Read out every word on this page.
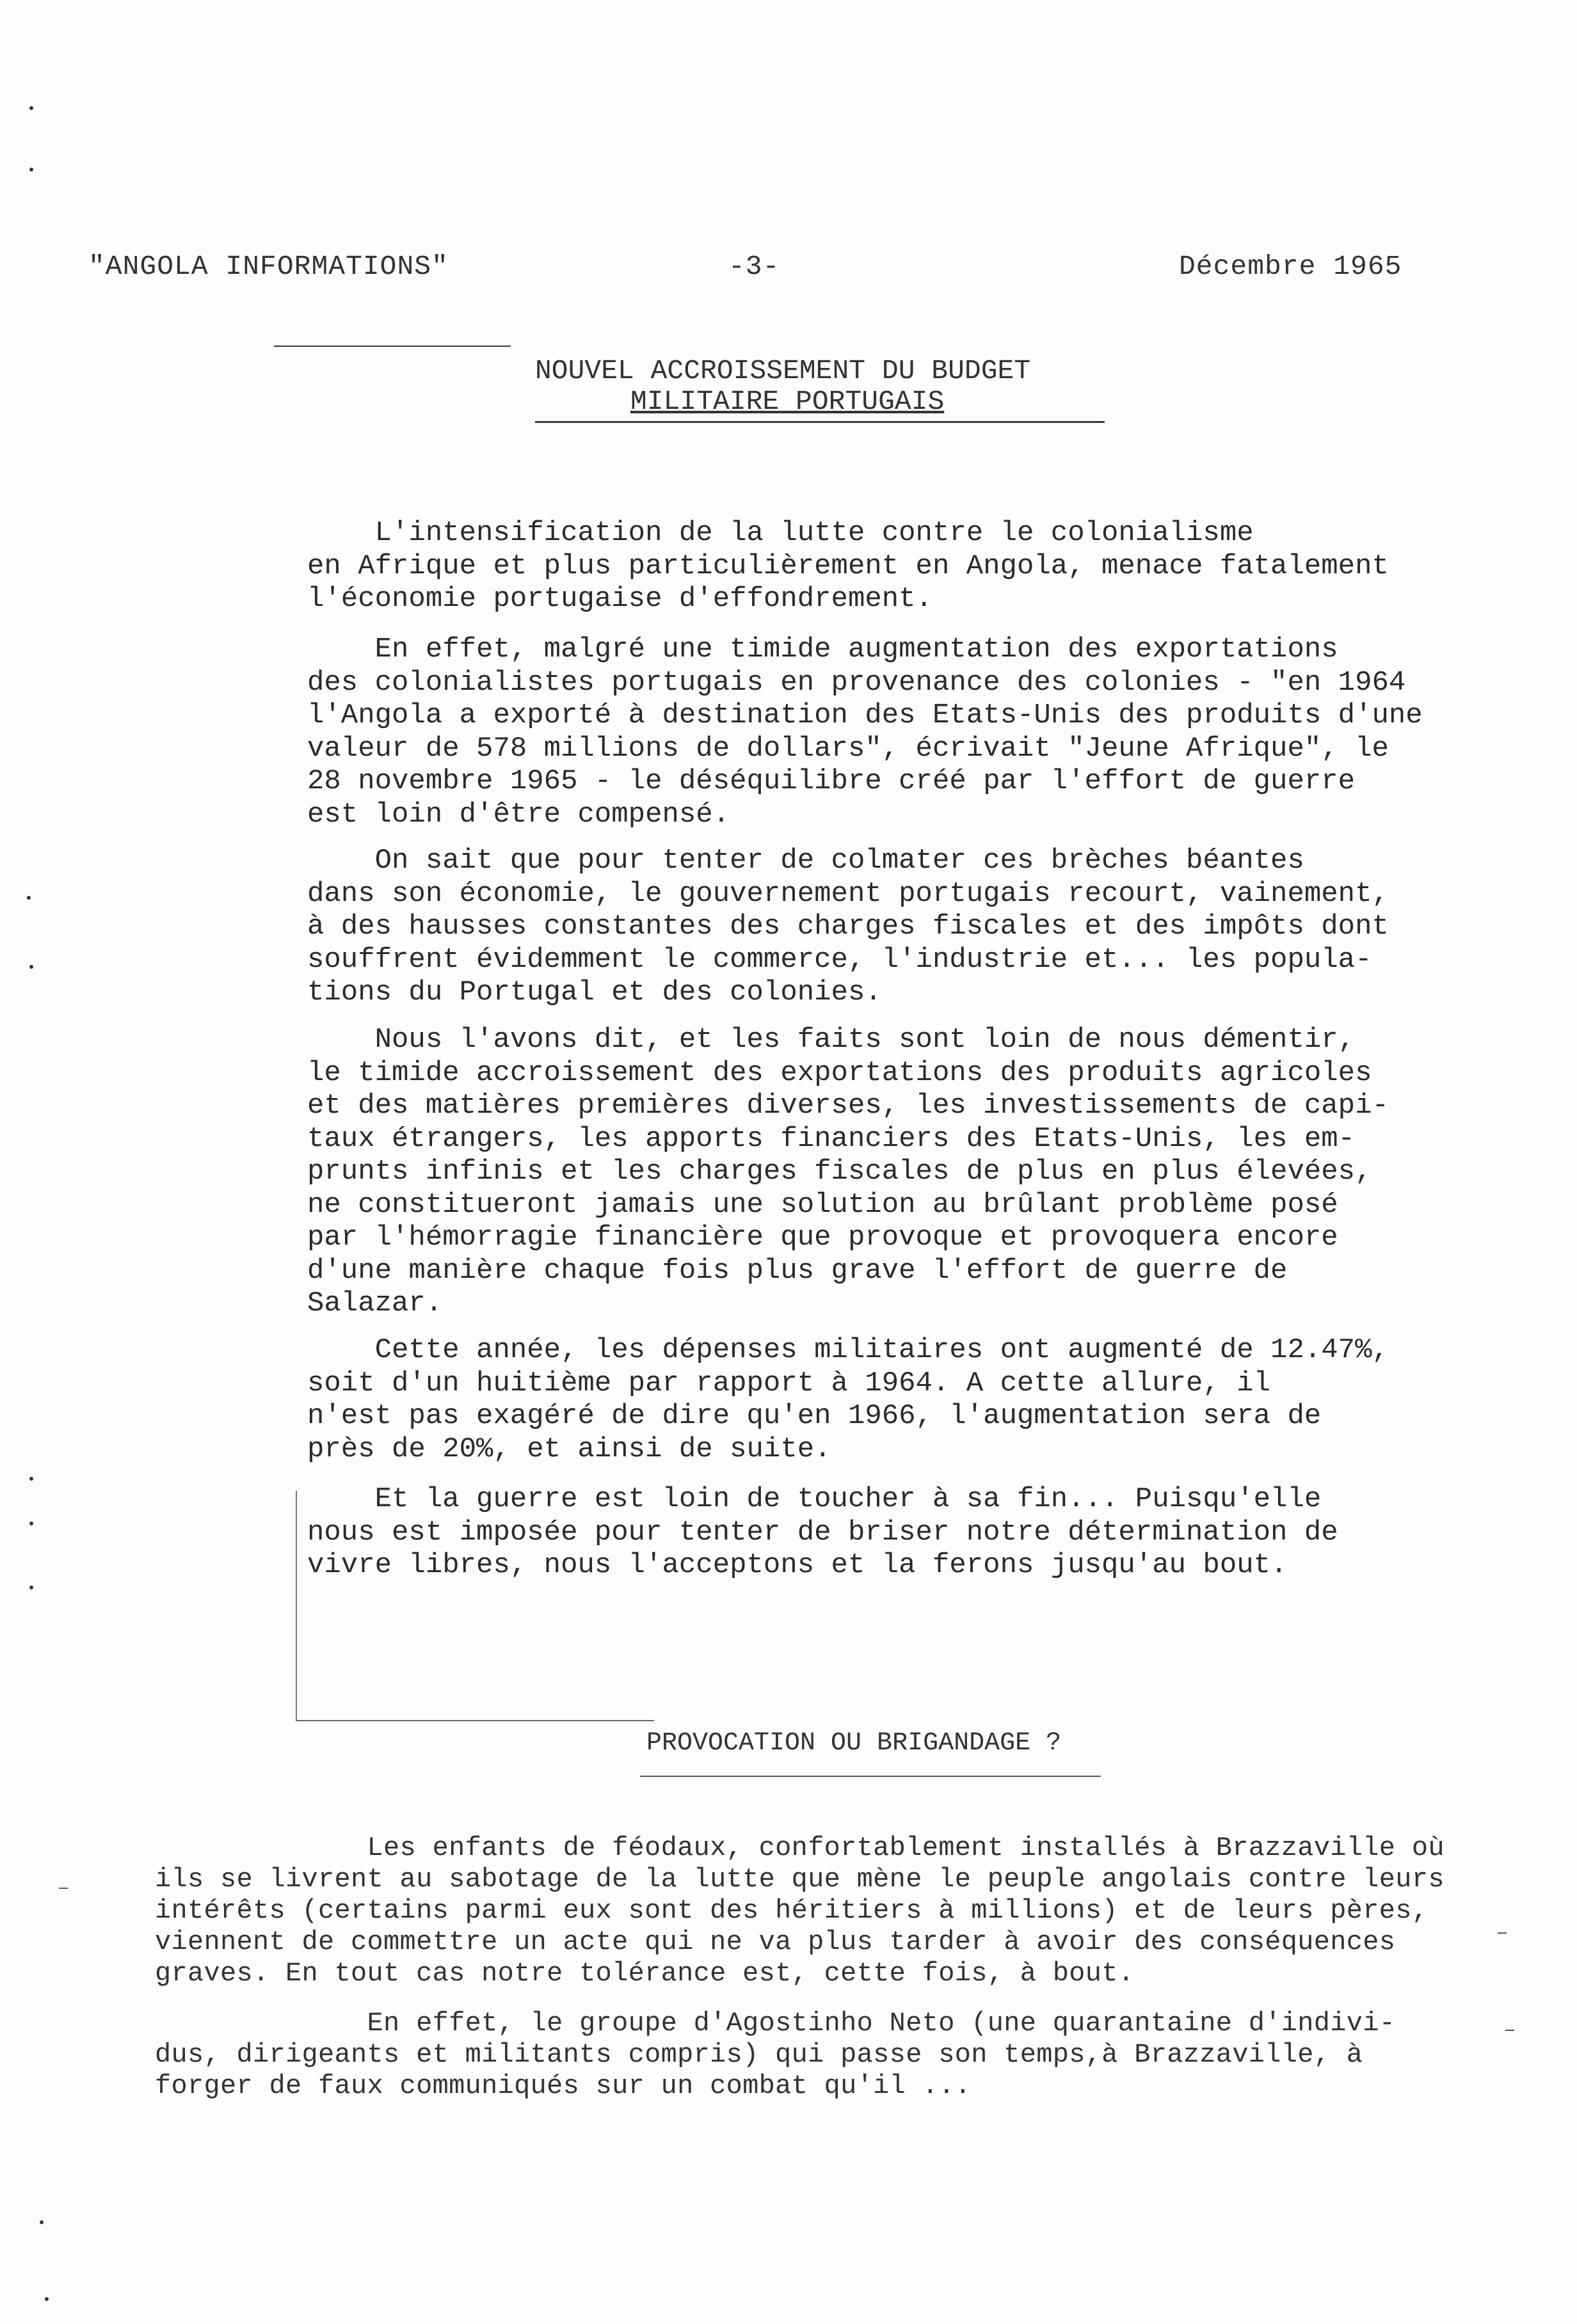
"ANGOLA INFORMATIONS"	-3-	Décembre 1965
NOUVEL ACCROISSEMENT DU BUDGET
MILITAIRE PORTUGAIS
L'intensification de la lutte contre le colonialisme
en Afrique et plus particulièrement en Angola, menace fatalement
l'économie portugaise d'effondrement.
En effet, malgré une timide augmentation des exportations
des colonialistes portugais en provenance des colonies - "en 1964
l'Angola a exporté à destination des Etats-Unis des produits d'une
valeur de 578 millions de dollars", écrivait "Jeune Afrique", le
28 novembre 1965 - le déséquilibre créé par l'effort de guerre
est loin d'être compensé.
On sait que pour tenter de colmater ces brèches béantes
dans son économie, le gouvernement portugais recourt, vainement,
à des hausses constantes des charges fiscales et des impôts dont
souffrent évidemment le commerce, l'industrie et... les popula-
tions du Portugal et des colonies.
Nous l'avons dit, et les faits sont loin de nous démentir,
le timide accroissement des exportations des produits agricoles
et des matières premières diverses, les investissements de capi-
taux étrangers, les apports financiers des Etats-Unis, les em-
prunts infinis et les charges fiscales de plus en plus élevées,
ne constitueront jamais une solution au brûlant problème posé
par l'hémorragie financière que provoque et provoquera encore
d'une manière chaque fois plus grave l'effort de guerre de
Salazar.
Cette année, les dépenses militaires ont augmenté de 12.47%,
soit d'un huitième par rapport à 1964. A cette allure, il
n'est pas exagéré de dire qu'en 1966, l'augmentation sera de
près de 20%, et ainsi de suite.
Et la guerre est loin de toucher à sa fin... Puisqu'elle
nous est imposée pour tenter de briser notre détermination de
vivre libres, nous l'acceptons et la ferons jusqu'au bout.
PROVOCATION OU BRIGANDAGE ?
Les enfants de féodaux, confortablement installés à Brazzaville où
ils se livrent au sabotage de la lutte que mène le peuple angolais contre leurs
intérêts (certains parmi eux sont des héritiers à millions) et de leurs pères,
viennent de commettre un acte qui ne va plus tarder à avoir des conséquences
graves. En tout cas notre tolérance est, cette fois, à bout.
En effet, le groupe d'Agostinho Neto (une quarantaine d'indivi-
dus, dirigeants et militants compris) qui passe son temps,à Brazzaville, à
forger de faux communiqués sur un combat qu'il ...
